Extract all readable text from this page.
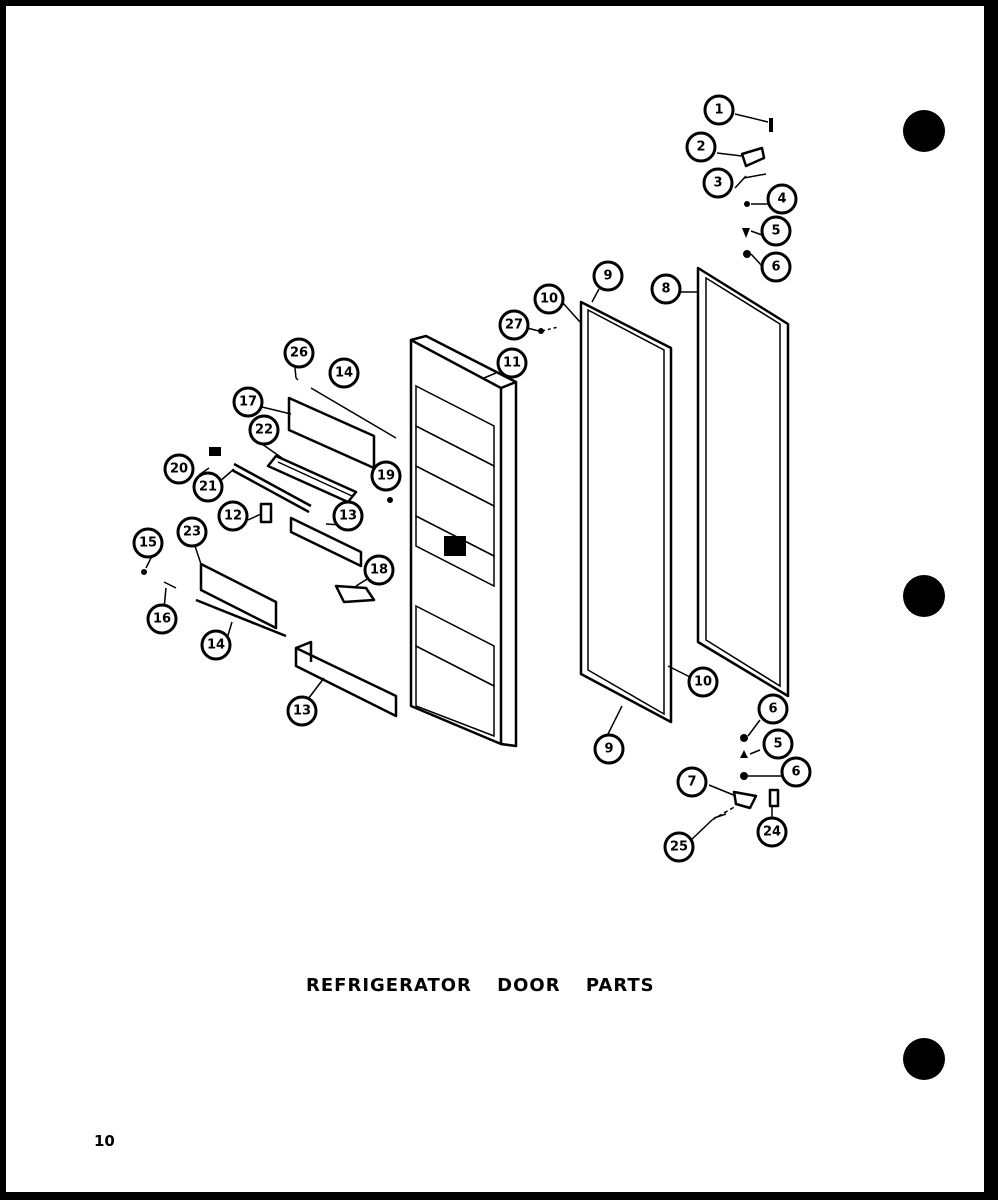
1
2
3
4
5
6
8
9
10
27
11
26
14
17
22
20
21
12
19
13
18
15
23
16
14
13	6
5
6
7
24
25
10
9
REFRIGERATOR DOOR PARTS
10
